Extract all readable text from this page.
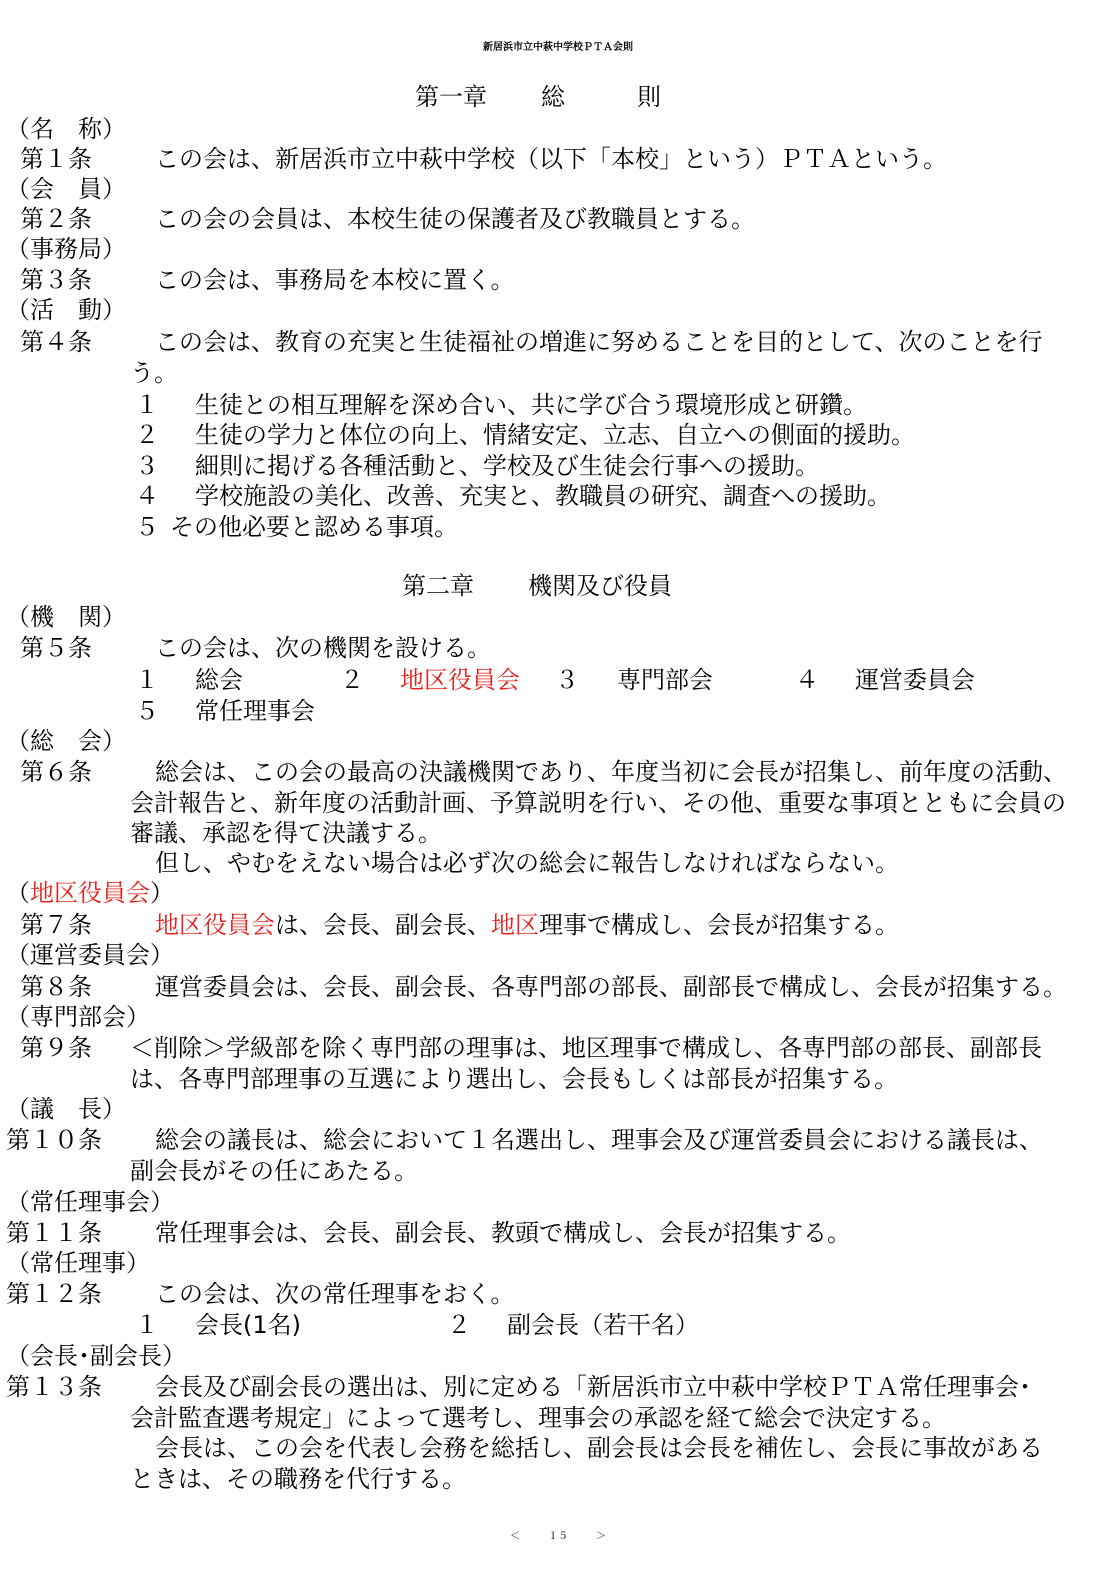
新居浜市立中萩中学校ＰＴＡ会則
第一章 総　　　則
（名　称）
第１条	この会は、新居浜市立中萩中学校（以下「本校」という）ＰＴＡという。
（会　員）
第２条	この会の会員は、本校生徒の保護者及び教職員とする。
（事務局）
第３条	この会は、事務局を本校に置く。
（活　動）
第４条	この会は、教育の充実と生徒福祉の増進に努めることを目的として、次のことを行
う。
１ 生徒との相互理解を深め合い、共に学び合う環境形成と研鑽。
２ 生徒の学力と体位の向上、情緒安定、立志、自立への側面的援助。
３ 細則に掲げる各種活動と、学校及び生徒会行事への援助。
４ 学校施設の美化、改善、充実と、教職員の研究、調査への援助。
５ その他必要と認める事項。
第二章 機関及び役員
（機　関）
第５条	この会は、次の機関を設ける。
１ 総会	２ 地区役員会 ３ 専門部会	４ 運営委員会
５ 常任理事会
（総　会）
第６条	総会は、この会の最高の決議機関であり、年度当初に会長が招集し、前年度の活動、
会計報告と、新年度の活動計画、予算説明を行い、その他、重要な事項とともに会員の
審議、承認を得て決議する。
但し、やむをえない場合は必ず次の総会に報告しなければならない。
（地区役員会）
第７条	地区役員会は、会長、副会長、地区理事で構成し、会長が招集する。
（運営委員会）
第８条	運営委員会は、会長、副会長、各専門部の部長、副部長で構成し、会長が招集する。
（専門部会）
第９条 ＜削除＞学級部を除く専門部の理事は、地区理事で構成し、各専門部の部長、副部長
は、各専門部理事の互選により選出し、会長もしくは部長が招集する。
（議　長）
第１０条 総会の議長は、総会において１名選出し、理事会及び運営委員会における議長は、
副会長がその任にあたる。
（常任理事会）
第１１条 常任理事会は、会長、副会長、教頭で構成し、会長が招集する。
（常任理事）
第１２条 この会は、次の常任理事をおく。
１ 会長(1名)	２ 副会長（若干名）
（会長･副会長）
第１３条 会長及び副会長の選出は、別に定める「新居浜市立中萩中学校ＰＴＡ常任理事会･
会計監査選考規定」によって選考し、理事会の承認を経て総会で決定する。
会長は、この会を代表し会務を総括し、副会長は会長を補佐し、会長に事故がある
ときは、その職務を代行する。
＜	１５	＞
